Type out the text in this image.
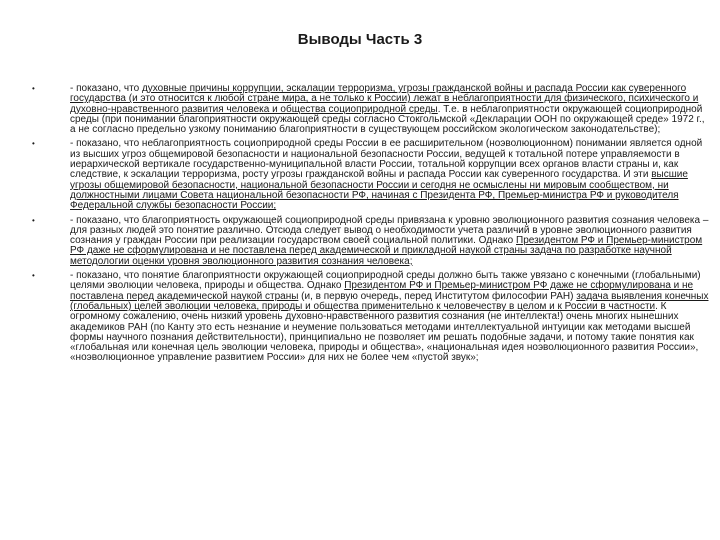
Выводы Часть 3
•	- показано, что духовные причины коррупции, эскалации терроризма, угрозы гражданской войны и распада России как суверенного государства (и это относится к любой стране мира, а не только к России) лежат в неблагоприятности для физического, психического и духовно-нравственного развития человека и общества социоприродной среды. Т.е. в неблагоприятности окружающей социоприродной среды (при понимании благоприятности окружающей среды согласно Стокгольмской «Декларации ООН по окружающей среде» 1972 г., а не согласно предельно узкому пониманию благоприятности в существующем российском экологическом законодательстве);
•	- показано, что неблагоприятность социоприродной среды России в ее расширительном (ноэволюционном) понимании является одной из высших угроз общемировой безопасности и национальной безопасности России, ведущей к тотальной потере управляемости в иерархической вертикале государственно-муниципальной власти России, тотальной коррупции всех органов власти страны и, как следствие, к эскалации терроризма, росту угрозы гражданской войны и распада России как суверенного государства. И эти высшие угрозы общемировой безопасности, национальной безопасности России и сегодня не осмыслены ни мировым сообществом, ни должностными лицами Совета национальной безопасности РФ, начиная с Президента РФ, Премьер-министра РФ и руководителя Федеральной службы безопасности России;
•	- показано, что благоприятность окружающей социоприродной среды привязана к уровню эволюционного развития сознания человека – для разных людей это понятие различно. Отсюда следует вывод о необходимости учета различий в уровне эволюционного развития сознания у граждан России при реализации государством своей социальной политики. Однако Президентом РФ и Премьер-министром РФ даже не сформулирована и не поставлена перед академической и прикладной наукой страны задача по разработке научной методологии оценки уровня эволюционного развития сознания человека;
•	- показано, что понятие благоприятности окружающей социоприродной среды должно быть также увязано с конечными (глобальными) целями эволюции человека, природы и общества. Однако Президентом РФ и Премьер-министром РФ даже не сформулирована и не поставлена перед академической наукой страны (и, в первую очередь, перед Институтом философии РАН) задача выявления конечных (глобальных) целей эволюции человека, природы и общества применительно к человечеству в целом и к России в частности. К огромному сожалению, очень низкий уровень духовно-нравственного развития сознания (не интеллекта!) очень многих нынешних академиков РАН (по Канту это есть незнание и неумение пользоваться методами интеллектуальной интуиции как методами высшей формы научного познания действительности), принципиально не позволяет им решать подобные задачи, и потому такие понятия как «глобальная или конечная цель эволюции человека, природы и общества», «национальная идея ноэволюционного развития России», «ноэволюционное управление развитием России» для них не более чем «пустой звук»;
